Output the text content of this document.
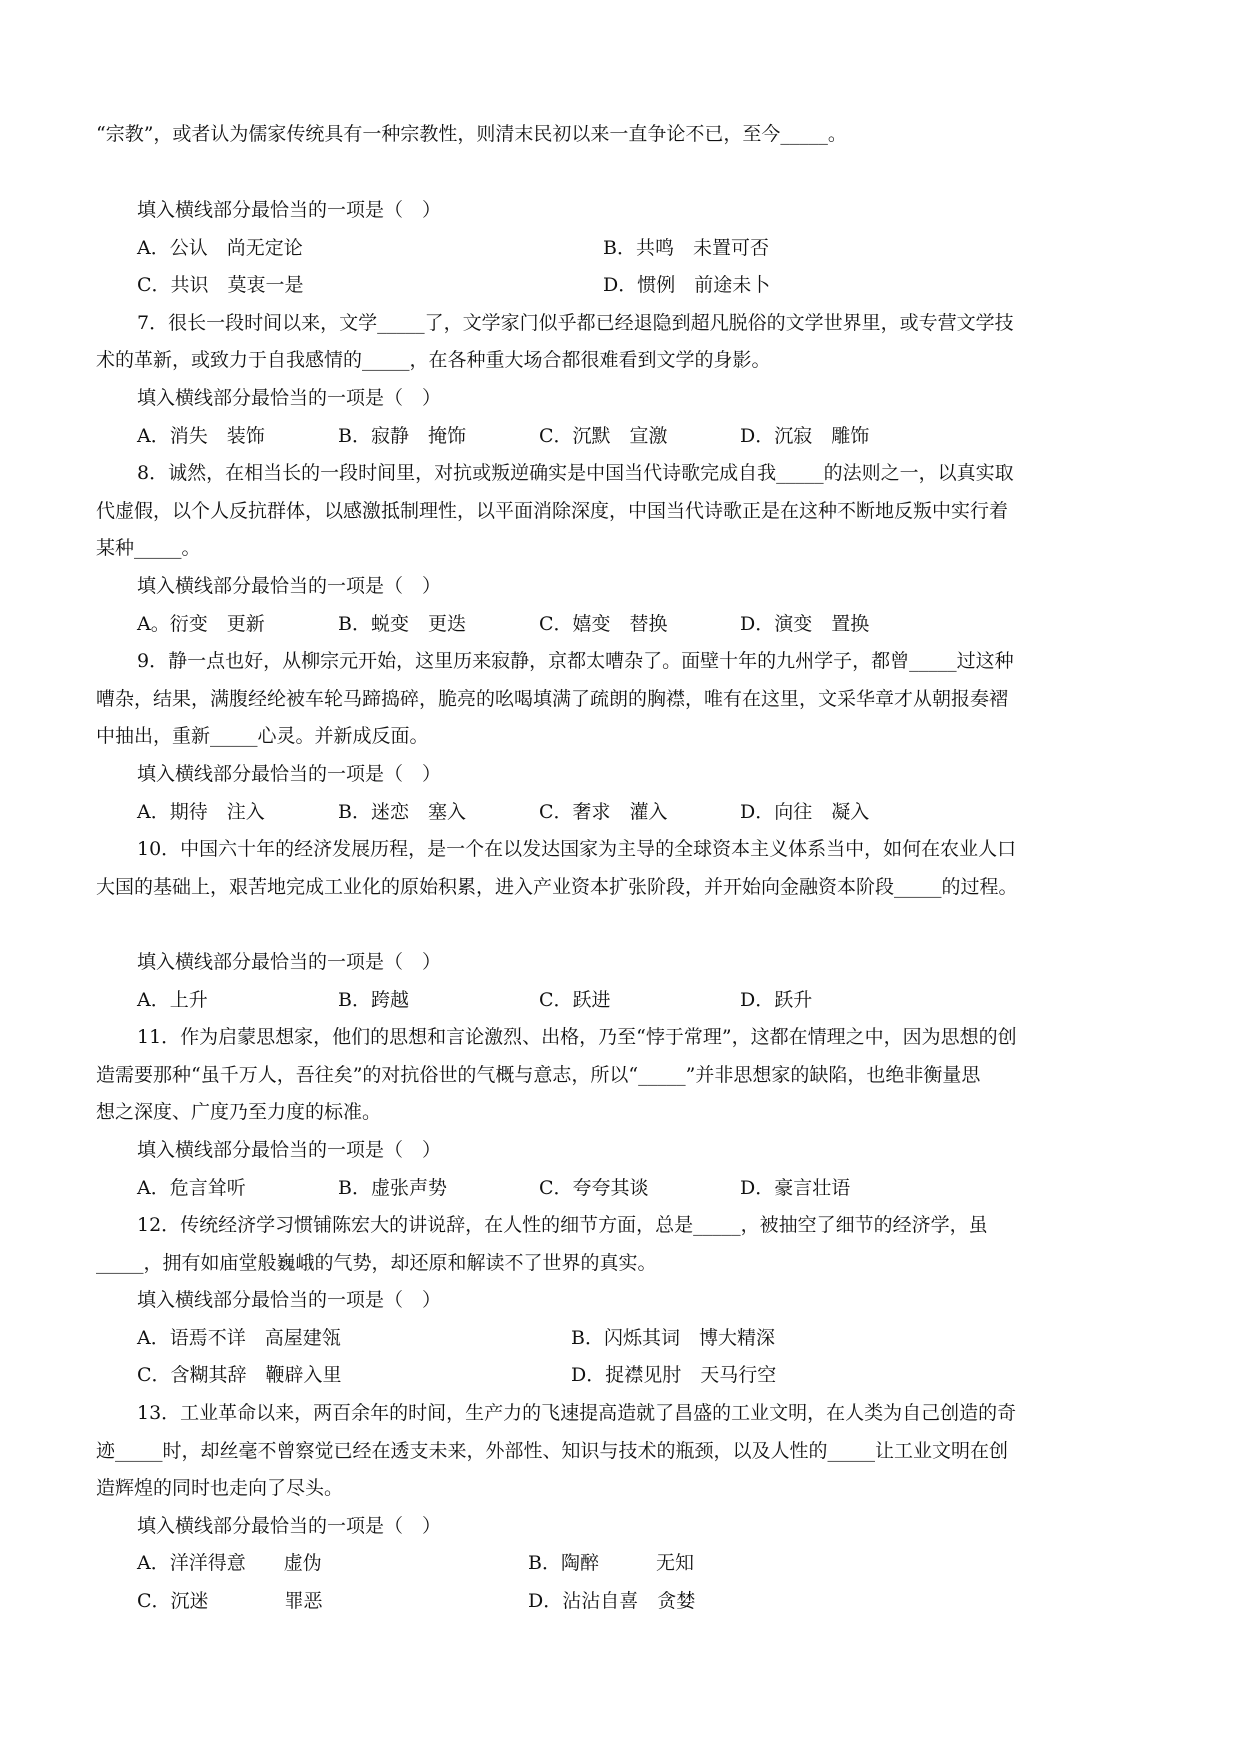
“宗教”，或者认为儒家传统具有一种宗教性，则清末民初以来一直争论不已，至今_____。
填入横线部分最恰当的一项是（　）
7．很长一段时间以来，文学_____了，文学家门似乎都已经退隐到超凡脱俗的文学世界里，或专营文学技
术的革新，或致力于自我感情的_____，在各种重大场合都很难看到文学的身影。
填入横线部分最恰当的一项是（　）
8．诚然，在相当长的一段时间里，对抗或叛逆确实是中国当代诗歌完成自我_____的法则之一，以真实取
代虚假，以个人反抗群体，以感激抵制理性，以平面消除深度，中国当代诗歌正是在这种不断地反叛中实行着
某种_____。
填入横线部分最恰当的一项是（　）
9．静一点也好，从柳宗元开始，这里历来寂静，京都太嘈杂了。面壁十年的九州学子，都曾_____过这种
嘈杂，结果，满腹经纶被车轮马蹄捣碎，脆亮的吆喝填满了疏朗的胸襟，唯有在这里，文采华章才从朝报奏褶
中抽出，重新_____心灵。并新成反面。
填入横线部分最恰当的一项是（　）
10．中国六十年的经济发展历程，是一个在以发达国家为主导的全球资本主义体系当中，如何在农业人口
大国的基础上，艰苦地完成工业化的原始积累，进入产业资本扩张阶段，并开始向金融资本阶段_____的过程。
填入横线部分最恰当的一项是（　）
11．作为启蒙思想家，他们的思想和言论激烈、出格，乃至“悖于常理”，这都在情理之中，因为思想的创
造需要那种“虽千万人，吾往矣”的对抗俗世的气概与意志，所以“_____”并非思想家的缺陷，也绝非衡量思
想之深度、广度乃至力度的标准。
填入横线部分最恰当的一项是（　）
12．传统经济学习惯铺陈宏大的讲说辞，在人性的细节方面，总是_____，被抽空了细节的经济学，虽
_____，拥有如庙堂般巍峨的气势，却还原和解读不了世界的真实。
填入横线部分最恰当的一项是（　）
13．工业革命以来，两百余年的时间，生产力的飞速提高造就了昌盛的工业文明，在人类为自己创造的奇
迹_____时，却丝毫不曾察觉已经在透支未来，外部性、知识与技术的瓶颈，以及人性的_____让工业文明在创
造辉煌的同时也走向了尽头。
填入横线部分最恰当的一项是（　）
A．公认　尚无定论	B．共鸣　未置可否
C．共识　莫衷一是	D．惯例　前途未卜
A．消失　装饰	B．寂静　掩饰	C．沉默　宣激	D．沉寂　雕饰
A。衍变　更新	B．蜕变　更迭	C．嬉变　替换	D．演变　置换
A．期待　注入	B．迷恋　塞入	C．奢求　灌入	D．向往　凝入
A．上升	B．跨越	C．跃进	D．跃升
A．危言耸听	B．虚张声势	C．夸夸其谈	D．豪言壮语
A．语焉不详　高屋建瓴	B．闪烁其词　博大精深
C．含糊其辞　鞭辟入里	D．捉襟见肘　天马行空
A．洋洋得意　　虚伪	B．陶醉　　　无知
C．沉迷　　　　罪恶	D．沾沾自喜　贪婪
